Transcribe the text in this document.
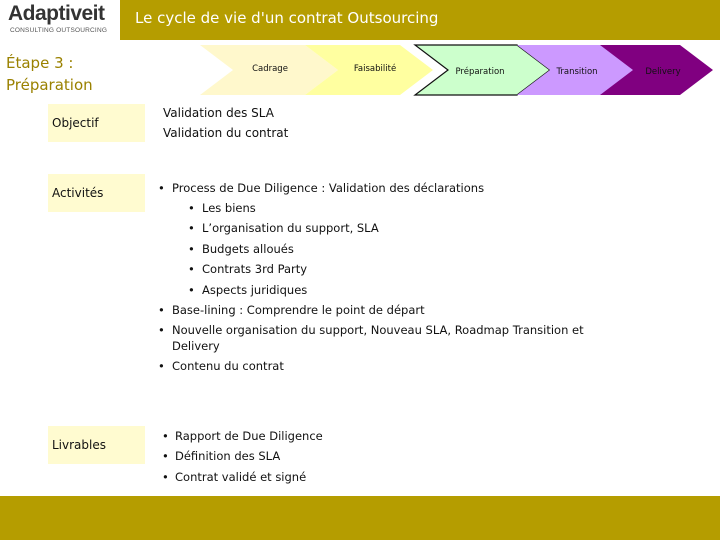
Adaptiveit
CONSULTING OUTSOURCING
Le cycle de vie d'un contrat Outsourcing
Cadrage	Faisabilité	Préparation	Transition	Delivery
Étape 3 :
Préparation
Objectif
Activités
Livrables
Validation des SLA
Validation du contrat
• Process de Due Diligence : Validation des déclarations
• Les biens
• L’organisation du support, SLA
• Budgets alloués
• Contrats 3rd Party
• Aspects juridiques
• Base-lining : Comprendre le point de départ
• Nouvelle organisation du support, Nouveau SLA, Roadmap Transition et
Delivery
• Contenu du contrat
• Rapport de Due Diligence
• Définition des SLA
• Contrat validé et signé
